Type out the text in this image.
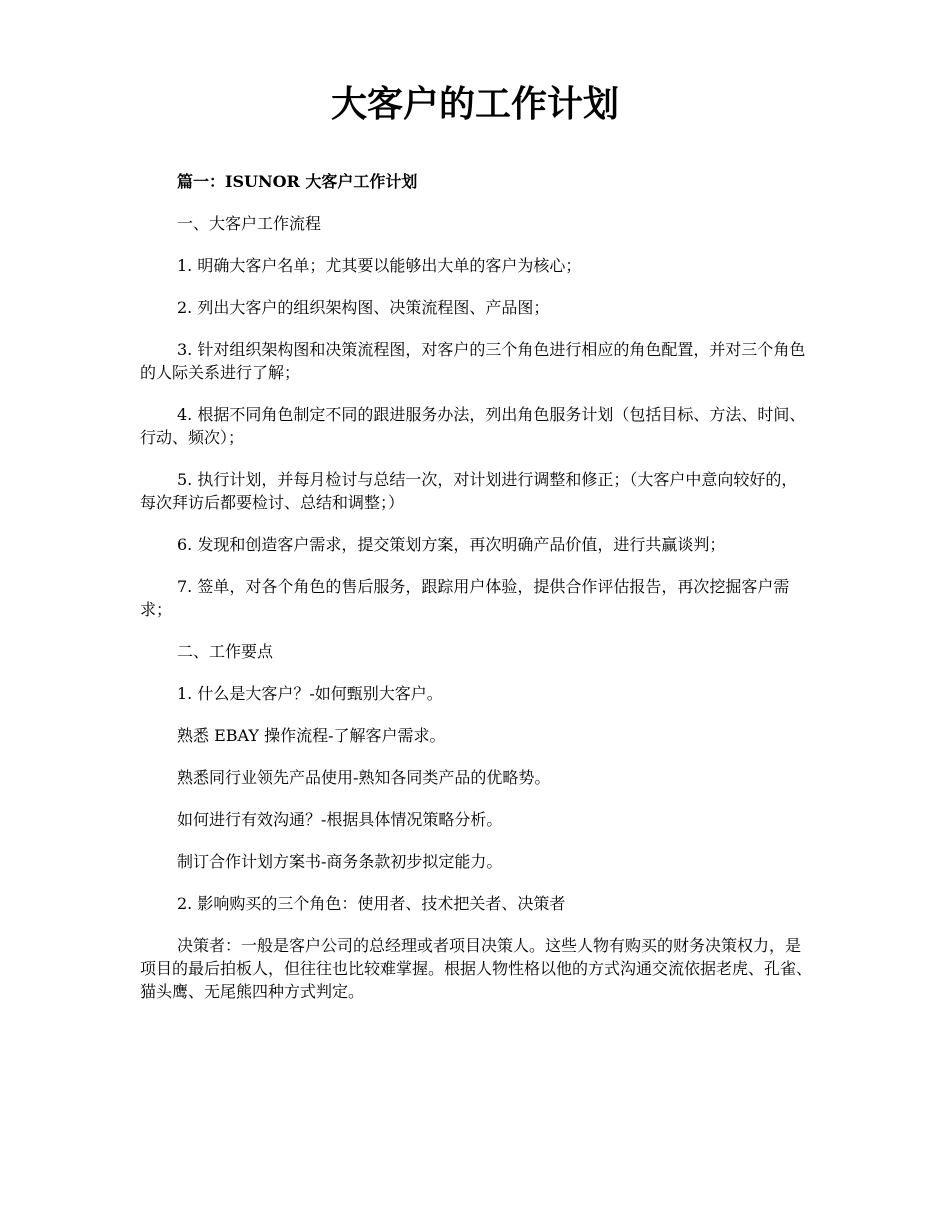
大客户的工作计划

篇一：ISUNOR 大客户工作计划

一、大客户工作流程

1. 明确大客户名单；尤其要以能够出大单的客户为核心；

2. 列出大客户的组织架构图、决策流程图、产品图；

3. 针对组织架构图和决策流程图，对客户的三个角色进行相应的角色配置，并对三个角色的人际关系进行了解；

4. 根据不同角色制定不同的跟进服务办法，列出角色服务计划（包括目标、方法、时间、行动、频次）；

5. 执行计划，并每月检讨与总结一次，对计划进行调整和修正；（大客户中意向较好的，每次拜访后都要检讨、总结和调整；）

6. 发现和创造客户需求，提交策划方案，再次明确产品价值，进行共赢谈判；

7. 签单，对各个角色的售后服务，跟踪用户体验，提供合作评估报告，再次挖掘客户需求；

二、工作要点

1. 什么是大客户？-如何甄别大客户。

熟悉 EBAY 操作流程-了解客户需求。

熟悉同行业领先产品使用-熟知各同类产品的优略势。

如何进行有效沟通？-根据具体情况策略分析。

制订合作计划方案书-商务条款初步拟定能力。

2. 影响购买的三个角色：使用者、技术把关者、决策者

决策者：一般是客户公司的总经理或者项目决策人。这些人物有购买的财务决策权力，是项目的最后拍板人，但往往也比较难掌握。根据人物性格以他的方式沟通交流依据老虎、孔雀、猫头鹰、无尾熊四种方式判定。
